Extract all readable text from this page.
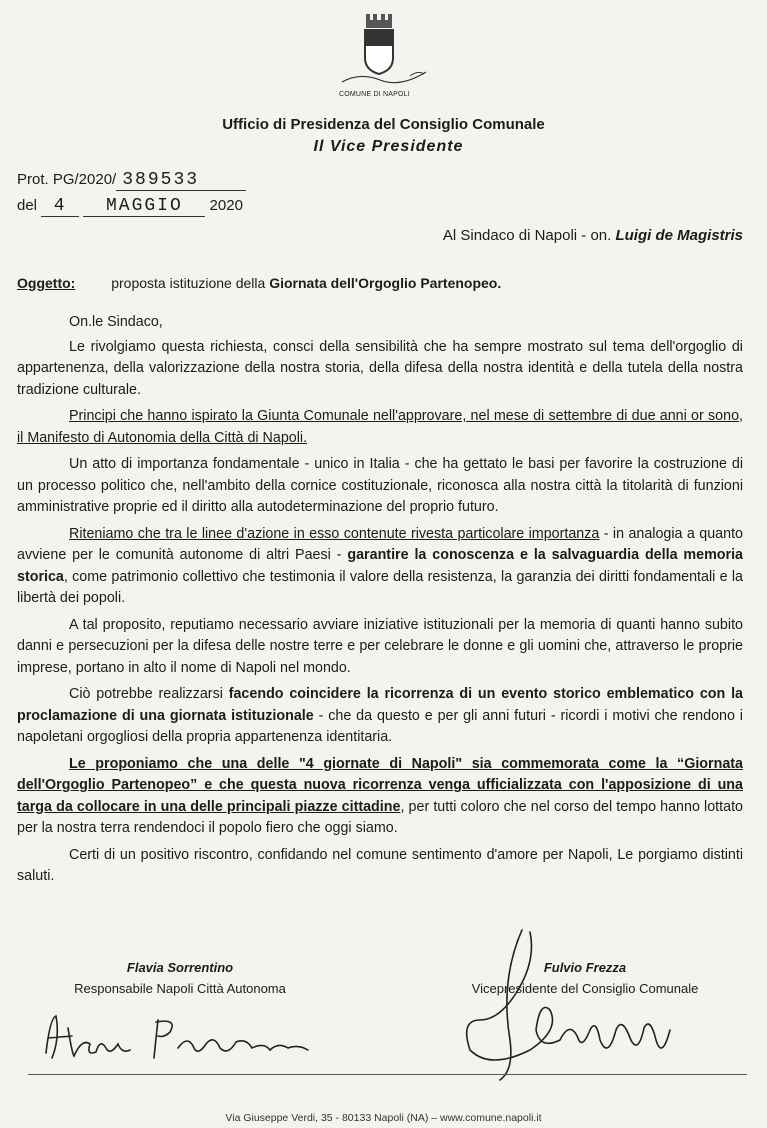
COMUNE DI NAPOLI
Ufficio di Presidenza del Consiglio Comunale
Il Vice Presidente
Prot. PG/2020/ 389533
del 4 MAGGIO 2020
Al Sindaco di Napoli - on. Luigi de Magistris
Oggetto:	proposta istituzione della Giornata dell'Orgoglio Partenopeo.

On.le Sindaco,

Le rivolgiamo questa richiesta, consci della sensibilità che ha sempre mostrato sul tema dell'orgoglio di appartenenza, della valorizzazione della nostra storia, della difesa della nostra identità e della tutela della nostra tradizione culturale.

Principi che hanno ispirato la Giunta Comunale nell'approvare, nel mese di settembre di due anni or sono, il Manifesto di Autonomia della Città di Napoli.

Un atto di importanza fondamentale - unico in Italia - che ha gettato le basi per favorire la costruzione di un processo politico che, nell'ambito della cornice costituzionale, riconosca alla nostra città la titolarità di funzioni amministrative proprie ed il diritto alla autodeterminazione del proprio futuro.

Riteniamo che tra le linee d'azione in esso contenute rivesta particolare importanza - in analogia a quanto avviene per le comunità autonome di altri Paesi - garantire la conoscenza e la salvaguardia della memoria storica, come patrimonio collettivo che testimonia il valore della resistenza, la garanzia dei diritti fondamentali e la libertà dei popoli.

A tal proposito, reputiamo necessario avviare iniziative istituzionali per la memoria di quanti hanno subito danni e persecuzioni per la difesa delle nostre terre e per celebrare le donne e gli uomini che, attraverso le proprie imprese, portano in alto il nome di Napoli nel mondo.

Ciò potrebbe realizzarsi facendo coincidere la ricorrenza di un evento storico emblematico con la proclamazione di una giornata istituzionale - che da questo e per gli anni futuri - ricordi i motivi che rendono i napoletani orgogliosi della propria appartenenza identitaria.

Le proponiamo che una delle "4 giornate di Napoli" sia commemorata come la “Giornata dell'Orgoglio Partenopeo” e che questa nuova ricorrenza venga ufficializzata con l'apposizione di una targa da collocare in una delle principali piazze cittadine, per tutti coloro che nel corso del tempo hanno lottato per la nostra terra rendendoci il popolo fiero che oggi siamo.

Certi di un positivo riscontro, confidando nel comune sentimento d'amore per Napoli, Le porgiamo distinti saluti.

Flavia Sorrentino
Responsabile Napoli Città Autonoma
Fulvio Frezza
Vicepresidente del Consiglio Comunale
Via Giuseppe Verdi, 35 - 80133 Napoli (NA) – www.comune.napoli.it
